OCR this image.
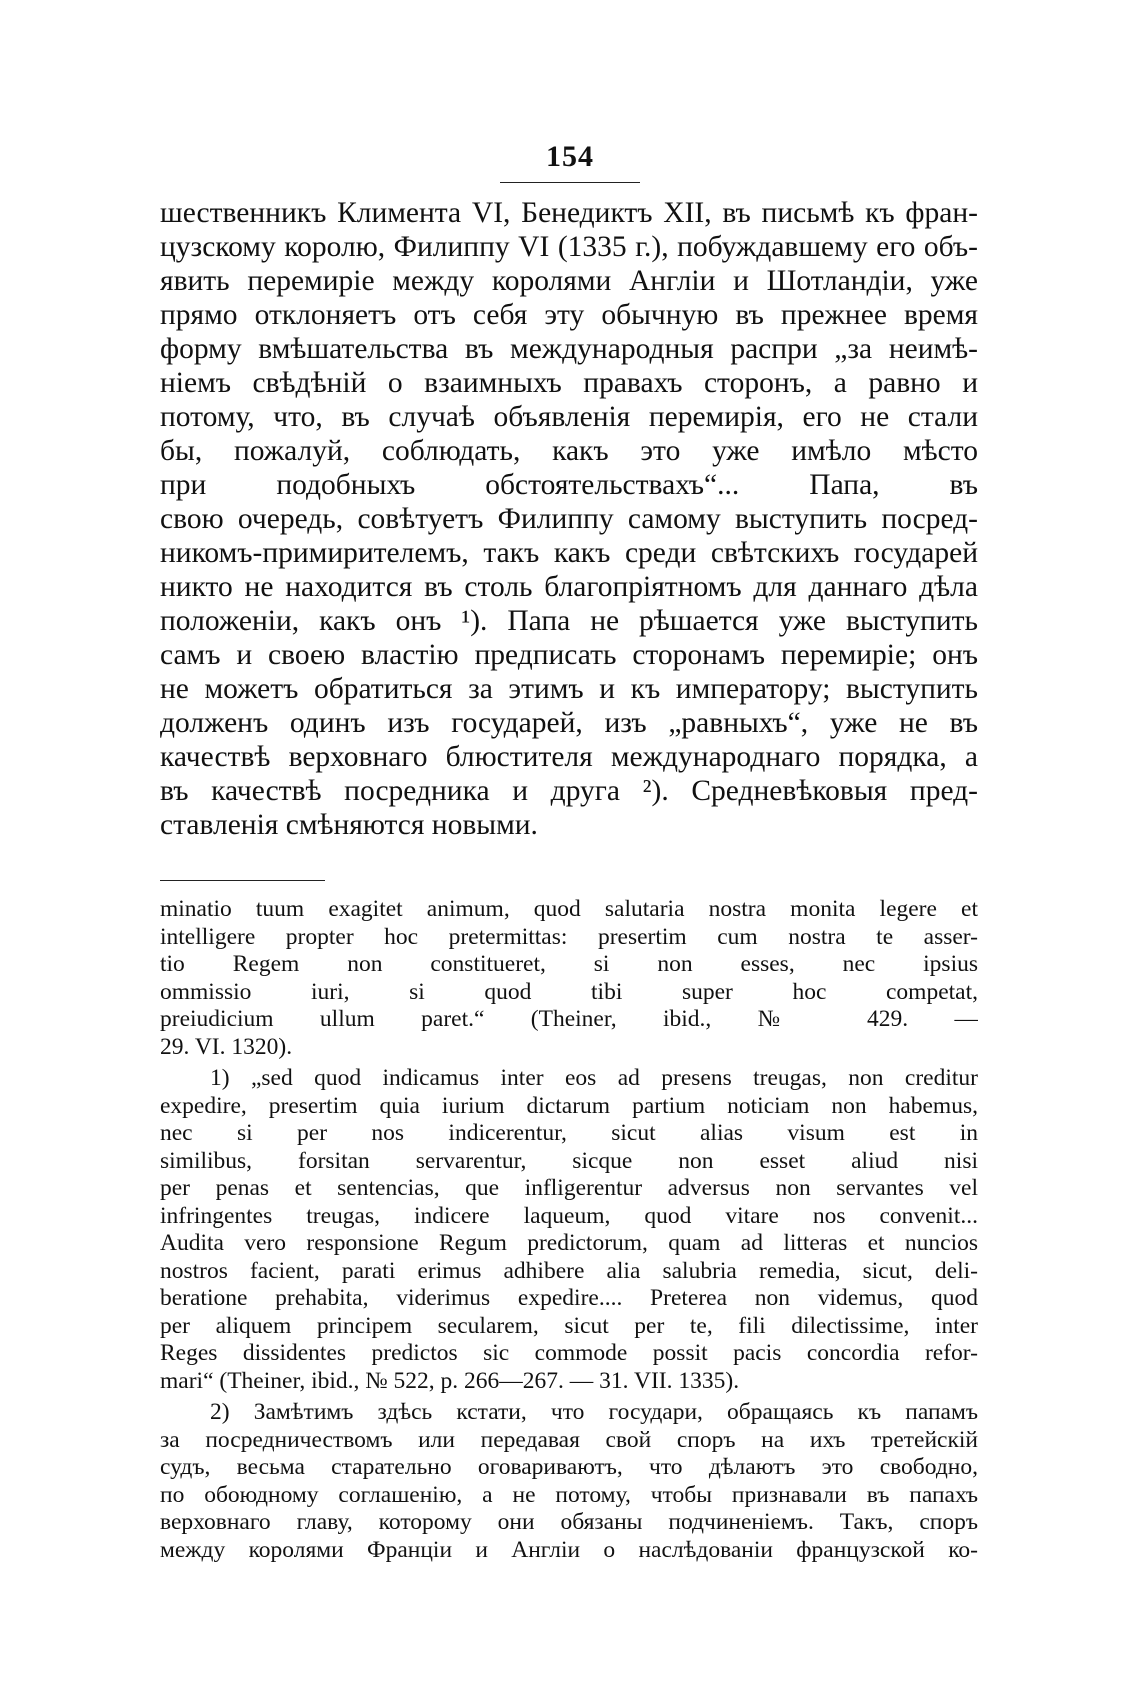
154
шественникъ Климента VI, Бенедиктъ XII, въ письмѣ къ фран-
цузскому королю, Филиппу VI (1335 г.), побуждавшему его объ-
явить перемиріе между королями Англіи и Шотландіи, уже
прямо отклоняетъ отъ себя эту обычную въ прежнее время
форму вмѣшательства въ международныя распри „за неимѣ-
ніемъ свѣдѣній о взаимныхъ правахъ сторонъ, а равно и
потому, что, въ случаѣ объявленія перемирія, его не стали
бы, пожалуй, соблюдать, какъ это уже имѣло мѣсто
при подобныхъ обстоятельствахъ“... Папа, въ
свою очередь, совѣтуетъ Филиппу самому выступить посред-
никомъ-примирителемъ, такъ какъ среди свѣтскихъ государей
никто не находится въ столь благопріятномъ для даннаго дѣла
положеніи, какъ онъ ¹). Папа не рѣшается уже выступить
самъ и своею властію предписать сторонамъ перемиріе; онъ
не можетъ обратиться за этимъ и къ императору; выступить
долженъ одинъ изъ государей, изъ „равныхъ“, уже не въ
качествѣ верховнаго блюстителя международнаго порядка, а
въ качествѣ посредника и друга ²). Средневѣковыя пред-
ставленія смѣняются новыми.
minatio tuum exagitet animum, quod salutaria nostra monita legere et
intelligere propter hoc pretermittas: presertim cum nostra te asser-
tio Regem non constitueret, si non esses, nec ipsius
ommissio iuri, si quod tibi super hoc competat,
preiudicium ullum paret.“ (Theiner, ibid., № 429. —
29. VI. 1320).
1) „sed quod indicamus inter eos ad presens treugas, non creditur
expedire, presertim quia iurium dictarum partium noticiam non habemus,
nec si per nos indicerentur, sicut alias visum est in
similibus, forsitan servarentur, sicque non esset aliud nisi
per penas et sentencias, que infligerentur adversus non servantes vel
infringentes treugas, indicere laqueum, quod vitare nos convenit...
Audita vero responsione Regum predictorum, quam ad litteras et nuncios
nostros facient, parati erimus adhibere alia salubria remedia, sicut, deli-
beratione prehabita, viderimus expedire.... Preterea non videmus, quod
per aliquem principem secularem, sicut per te, fili dilectissime, inter
Reges dissidentes predictos sic commode possit pacis concordia refor-
mari“ (Theiner, ibid., № 522, p. 266—267. — 31. VII. 1335).
2) Замѣтимъ здѣсь кстати, что государи, обращаясь къ папамъ
за посредничествомъ или передавая свой споръ на ихъ третейскій
судъ, весьма старательно оговариваютъ, что дѣлаютъ это свободно,
по обоюдному соглашенію, а не потому, чтобы признавали въ папахъ
верховнаго главу, которому они обязаны подчиненіемъ. Такъ, споръ
между королями Франціи и Англіи о наслѣдованіи французской ко-
